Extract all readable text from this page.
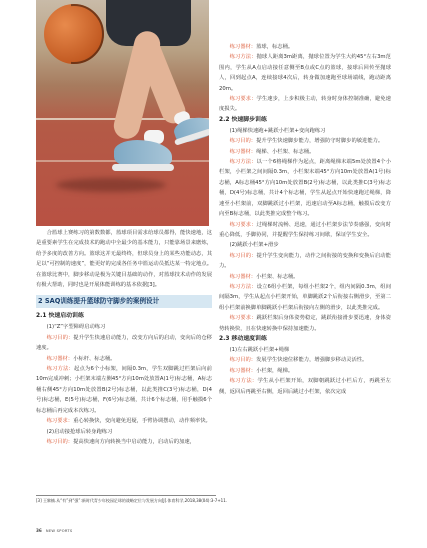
合篮球上赛练习的第数数都，篮球项目需求给球员都得，能快速地，这是重要素学生在完成技术的跑动中全最少的基本能力，只能靠场景来磨炼，给予多度的改善方向。篮球这并无最终终，但球员身上的某些功能动态，其足以“可控制的速度”，能更好的完成各任务中篮运动员抵达某一特定地点。在篮球比赛中，脚步移动是极为关键目基础的动作，对篮球技术动作的发展有极大帮助，同时也是开展体能训练的基本依据[3]。

2 SAQ训练提升篮球防守脚步的案例设计
2.1 快速启动训练

(1)“Z”字型障碍启动练习

练习目的：提升学生快速启动能力，改变方向后的启动，变向后的仓移速度。

练习器材：小标杆、标志桶。

练习方法：起点为6个小标架，间隔0.3m，学生双脚跳过栏架后向前10m完成冲刺；小栏架末端左侧45°方向10m处放置A(1号)标志桶，A标志桶右侧45°方向10m处放置B(2号)标志桶，以此类推C(3号)标志桶，D(4号)标志桶，E(5号)标志桶，F(6号)标志桶，共计6个标志桶，用手触摸6个标志桶后再完成本次练习。

练习要求：重心转换快，变向避免迟疑，手臂协调摆动，动作频率快。

(2)启动接抢球后转身跑练习

练习目的：提高快速向方向转换当中启动能力，启动后的加速，

练习器材：篮球，标志桶。

练习方法：抛球人距离3m距离，抛球位置为学生大约45°左右3m范围内，学生从A点启动接任意侧至B点或C点的篮球，接球后回传至抛球人，回到起点A，连续接球4次后，转身做加速跑至球场端线，跑动距离20m。

练习要求：学生速步，上步积极主动，转身时身体控制准确，避免速度损失。

2.2 快速脚步训练

(1)绳梯快速跑+跳跃小栏架+变向跑练习

练习目的：提升学生快速脚步能力，增强防守时脚步的敏进能力。

练习器材：绳梯、小栏架、标志桶。

练习方法：以一个6格绳梯作为起点，距离绳梯末端5m处放置4个小栏架，小栏架之间间隔0.3m，小栏架末端45°方向10m处放置A(1号)标志桶，A标志桶45°方向10m处放置B(2号)标志桶，以此类推C(3号)标志桶，D(4号)标志桶，共计4个标志桶，学生从起点开始快速跑过绳梯，降速至小栏架前，双脚跳跃过小栏架，迅速启动至A标志桶，触摸后改变方向至B标志桶，以此类推完成整个练习。

练习要求：过绳梯时流畅、迅速，通过小栏架步法节奏感强，变向时重心降低，手脚协同，并提醒学生保持练习间歇，保证学生安全。

(2)跳跃小栏架+滑步

练习目的：提升学生变向能力，动作之间衔接的变换和变换后启动能力。

练习器材：小栏架、标志桶。

练习方法：设立6组小栏架，每组小栏架2个，组内间隔0.3m，组间间隔3m，学生从起点小栏架开始，单脚跳跃2个后衔接右侧滑步，至第二组小栏架前换脚单脚跳跃小栏架后衔接向左侧的滑步，以此类推完成。

练习要求：跳跃栏架后身体姿势稳定，跳跃衔接滑步要迅速，身体姿势转换快，且在快速转换中保持加速能力。

2.3 移动速度训练

(1)左右跳跃小栏架+绳梯

练习目的：发展学生快速位移能力，增强脚步移动灵活性。

练习器材：小栏架，绳梯。

练习方法：学生从小栏架开始，双脚朝跳跃过小栏后方，再跳至左侧，返回后再跳至右侧，返回后跳过小栏架，依次完成

[3] 王黎楠.从“有”到“强”:新时代青少年校园足球的战略定位与发展方向[J].体育科学,2018,38(04):3-7+11.
36 NEW SPORTS
